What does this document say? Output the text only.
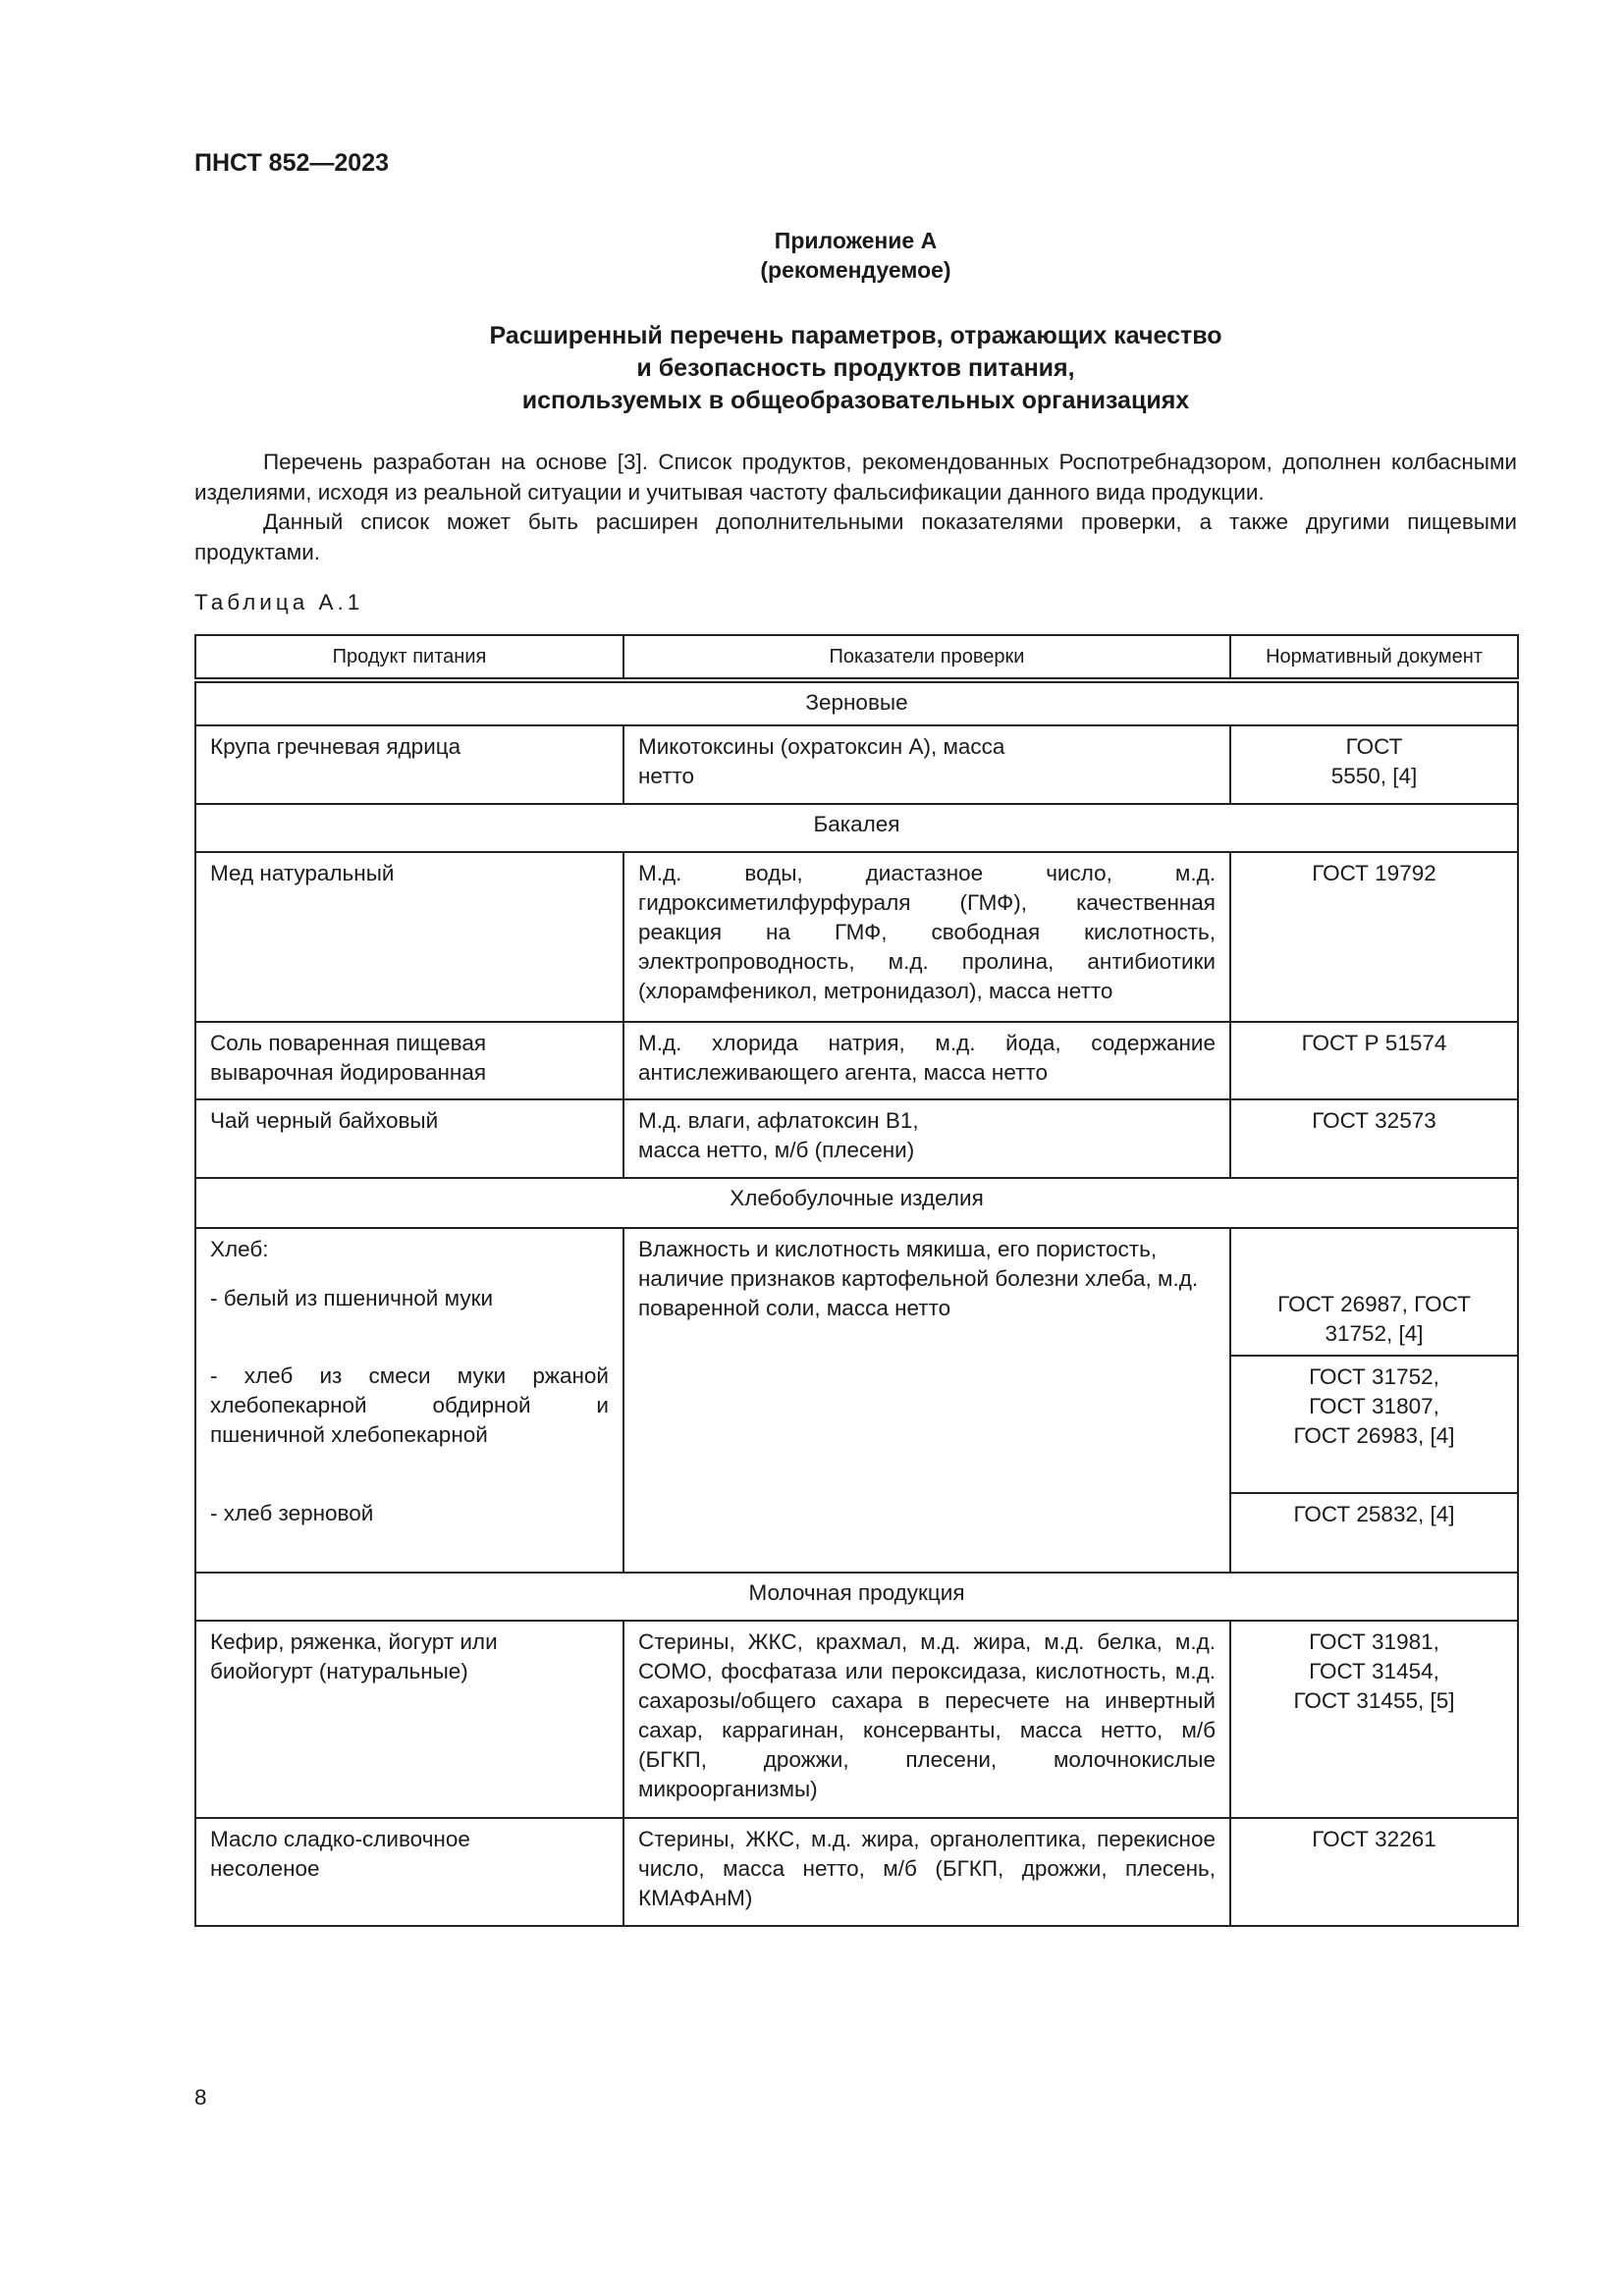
ПНСТ 852—2023
Приложение А
(рекомендуемое)
Расширенный перечень параметров, отражающих качество
и безопасность продуктов питания,
используемых в общеобразовательных организациях

Перечень разработан на основе [3]. Список продуктов, рекомендованных Роспотребнадзором, дополнен колбасными изделиями, исходя из реальной ситуации и учитывая частоту фальсификации данного вида продукции.

Данный список может быть расширен дополнительными показателями проверки, а также другими пищевыми продуктами.

Таблица А.1
Продукт питания	Показатели проверки	Нормативный документ
Зерновые		
Крупа гречневая ядрица	Микотоксины (охратоксин А), масса нетто	ГОСТ 5550, [4]
Бакалея		
Мед натуральный	М.д. воды, диастазное число, м.д. гидроксиметилфурфураля (ГМФ), качественная реакция на ГМФ, свободная кислотность, электропроводность, м.д. пролина, антибиотики (хлорамфеникол, метронидазол), масса нетто	ГОСТ 19792
Соль поваренная пищевая выварочная йодированная	М.д. хлорида натрия, м.д. йода, содержание антислеживающего агента, масса нетто	ГОСТ Р 51574
Чай черный байховый	М.д. влаги, афлатоксин В1, масса нетто, м/б (плесени)	ГОСТ 32573
Хлебобулочные изделия		

Хлеб:
- белый из пшеничной муки	Влажность и кислотность мякиша, его пористость, наличие признаков картофельной болезни хлеба, м.д. поваренной соли, масса нетто	ГОСТ 26987, ГОСТ 31752, [4]
- хлеб из смеси муки ржаной хлебопекарной обдирной и пшеничной хлебопекарной		ГОСТ 31752, ГОСТ 31807, ГОСТ 26983, [4]
- хлеб зерновой		ГОСТ 25832, [4]
Молочная продукция		
Кефир, ряженка, йогурт или биойогурт (натуральные)	Стерины, ЖКС, крахмал, м.д. жира, м.д. белка, м.д. СОМО, фосфатаза или пероксидаза, кислотность, м.д. сахарозы/общего сахара в пересчете на инвертный сахар, каррагинан, консерванты, масса нетто, м/б (БГКП, дрожжи, плесени, молочнокислые микроорганизмы)	ГОСТ 31981, ГОСТ 31454, ГОСТ 31455, [5]
Масло сладко-сливочное несоленое	Стерины, ЖКС, м.д. жира, органолептика, перекисное число, масса нетто, м/б (БГКП, дрожжи, плесень, КМАФАнМ)	ГОСТ 32261
8
